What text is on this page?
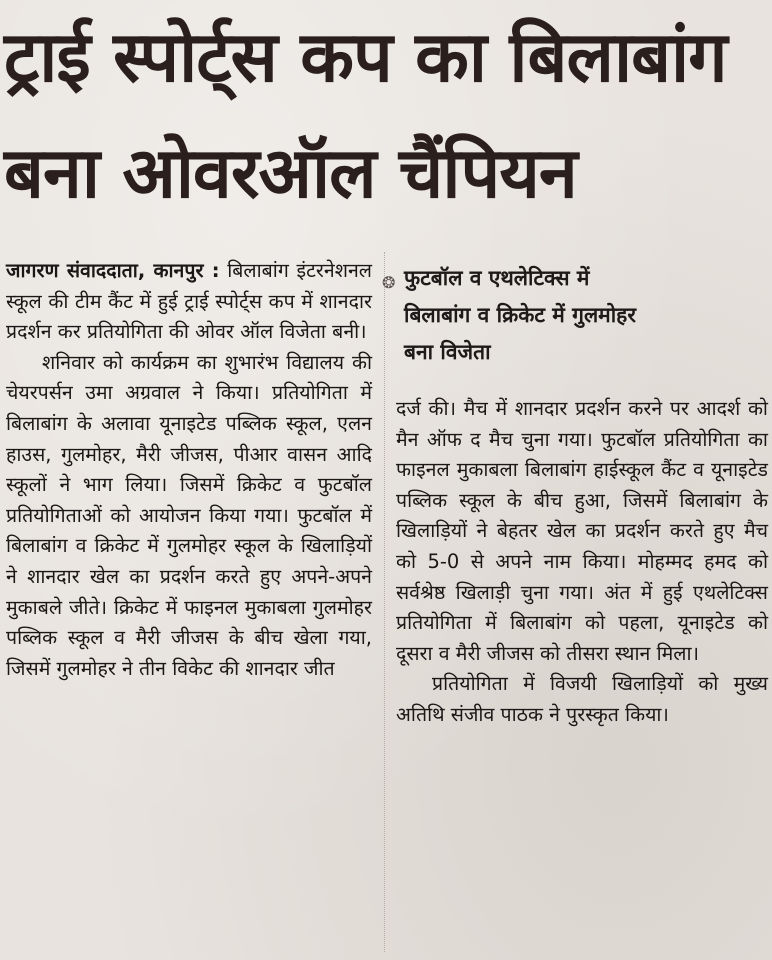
ट्राई स्पोर्ट्स कप का बिलाबांग
बना ओवरऑल चैंपियन

जागरण संवाददाता, कानपुर : बिलाबांग इंटरनेशनल स्कूल की टीम कैंट में हुई ट्राई स्पोर्ट्स कप में शानदार प्रदर्शन कर प्रतियोगिता की ओवर ऑल विजेता बनी।

शनिवार को कार्यक्रम का शुभारंभ विद्यालय की चेयरपर्सन उमा अग्रवाल ने किया। प्रतियोगिता में बिलाबांग के अलावा यूनाइटेड पब्लिक स्कूल, एलन हाउस, गुलमोहर, मैरी जीजस, पीआर वासन आदि स्कूलों ने भाग लिया। जिसमें क्रिकेट व फुटबॉल प्रतियोगिताओं को आयोजन किया गया। फुटबॉल में बिलाबांग व क्रिकेट में गुलमोहर स्कूल के खिलाड़ियों ने शानदार खेल का प्रदर्शन करते हुए अपने-अपने मुकाबले जीते। क्रिकेट में फाइनल मुकाबला गुलमोहर पब्लिक स्कूल व मैरी जीजस के बीच खेला गया, जिसमें गुलमोहर ने तीन विकेट की शानदार जीत

❂ फुटबॉल व एथलेटिक्स में
बिलाबांग व क्रिकेट में गुलमोहर
बना विजेता

दर्ज की। मैच में शानदार प्रदर्शन करने पर आदर्श को मैन ऑफ द मैच चुना गया। फुटबॉल प्रतियोगिता का फाइनल मुकाबला बिलाबांग हाईस्कूल कैंट व यूनाइटेड पब्लिक स्कूल के बीच हुआ, जिसमें बिलाबांग के खिलाड़ियों ने बेहतर खेल का प्रदर्शन करते हुए मैच को 5-0 से अपने नाम किया। मोहम्मद हमद को सर्वश्रेष्ठ खिलाड़ी चुना गया। अंत में हुई एथलेटिक्स प्रतियोगिता में बिलाबांग को पहला, यूनाइटेड को दूसरा व मैरी जीजस को तीसरा स्थान मिला।

प्रतियोगिता में विजयी खिलाड़ियों को मुख्य अतिथि संजीव पाठक ने पुरस्कृत किया।
